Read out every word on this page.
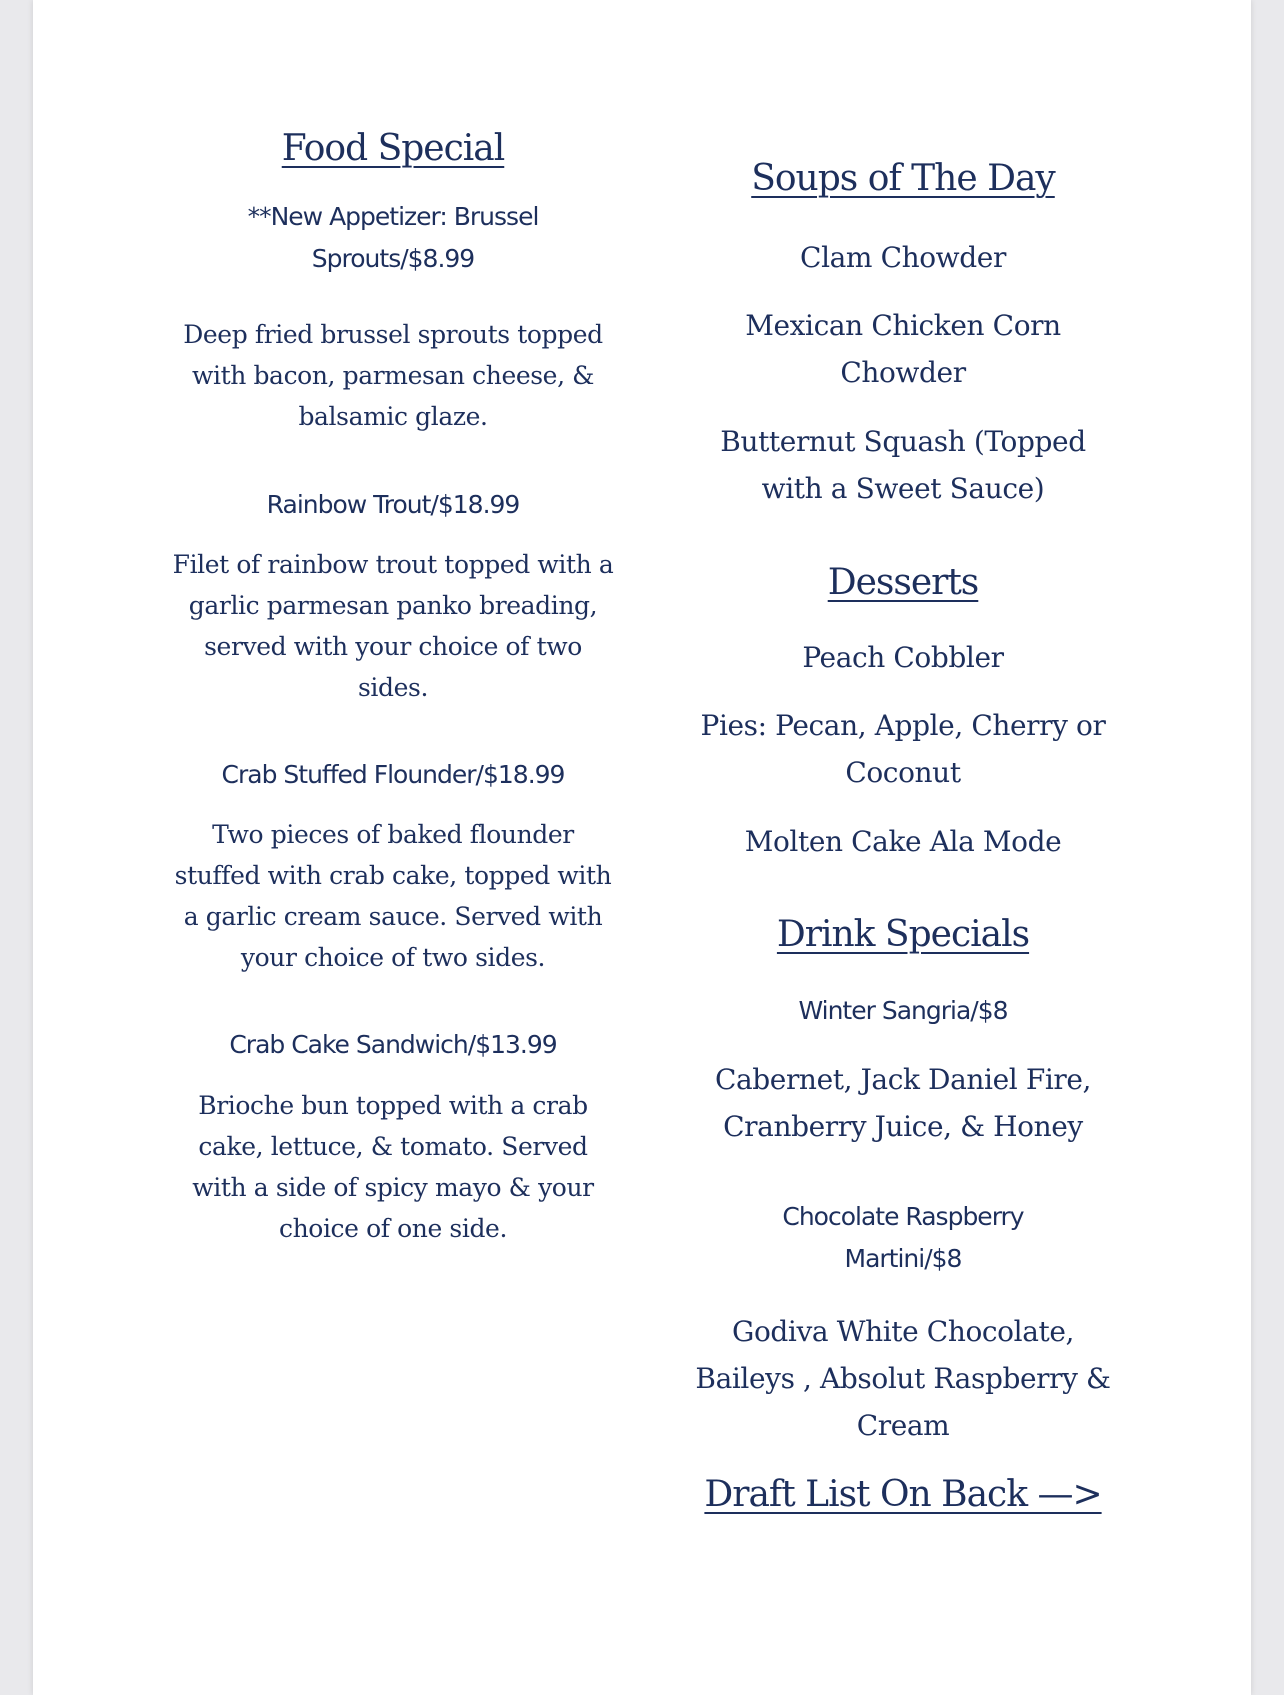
Food Special
**New Appetizer: Brussel
Sprouts/$8.99
Deep fried brussel sprouts topped
with bacon, parmesan cheese, &
balsamic glaze.
Rainbow Trout/$18.99
Filet of rainbow trout topped with a
garlic parmesan panko breading,
served with your choice of two
sides.
Crab Stuffed Flounder/$18.99
Two pieces of baked flounder
stuffed with crab cake, topped with
a garlic cream sauce. Served with
your choice of two sides.
Crab Cake Sandwich/$13.99
Brioche bun topped with a crab
cake, lettuce, & tomato. Served
with a side of spicy mayo & your
choice of one side.
Soups of The Day
Clam Chowder
Mexican Chicken Corn
Chowder
Butternut Squash (Topped
with a Sweet Sauce)
Desserts
Peach Cobbler
Pies: Pecan, Apple, Cherry or
Coconut
Molten Cake Ala Mode
Drink Specials
Winter Sangria/$8
Cabernet, Jack Daniel Fire,
Cranberry Juice, & Honey
Chocolate Raspberry
Martini/$8
Godiva White Chocolate,
Baileys , Absolut Raspberry &
Cream
Draft List On Back —>
